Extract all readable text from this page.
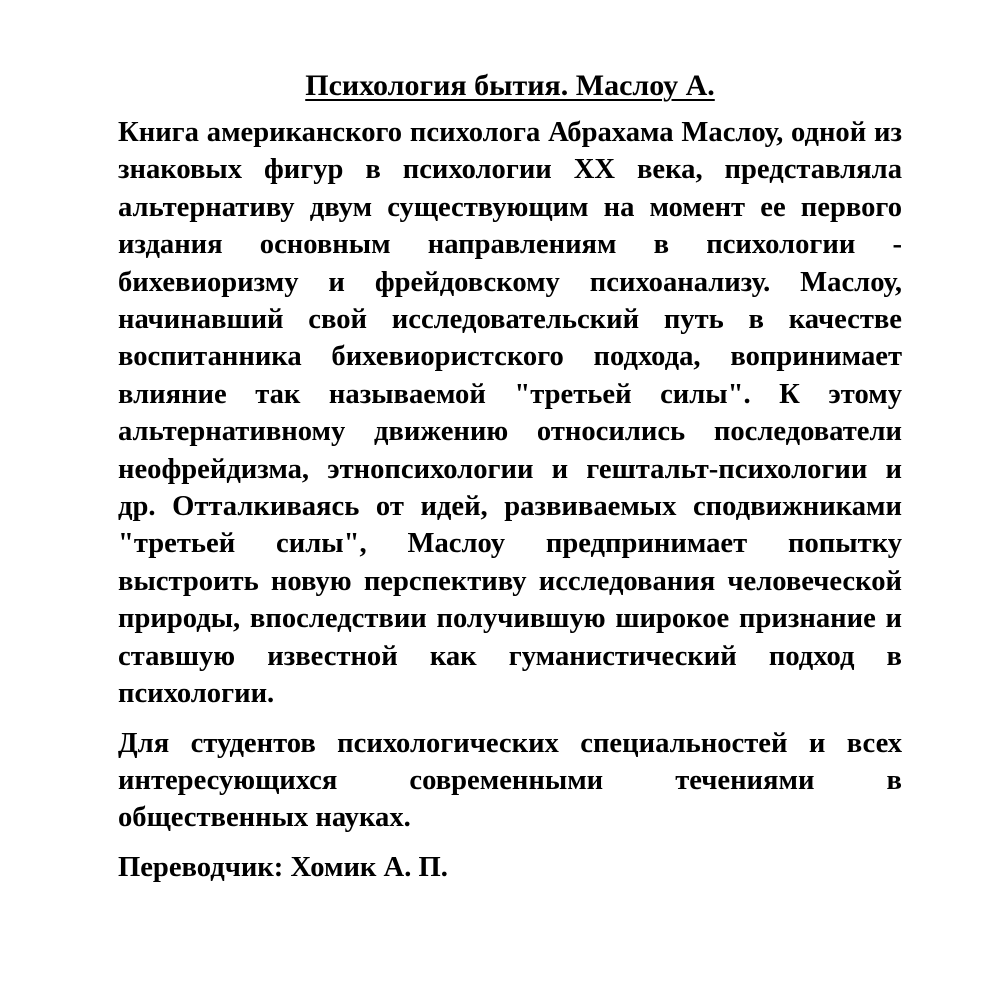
Психология бытия. Маслоу А.

Книга американского психолога Абрахама Маслоу, одной из знаковых фигур в психологии XX века, представляла альтернативу двум существующим на момент ее первого издания основным направлениям в психологии - бихевиоризму и фрейдовскому психоанализу. Маслоу, начинавший свой исследовательский путь в качестве воспитанника бихевиористского подхода, вопринимает влияние так называемой "третьей силы". К этому альтернативному движению относились последователи неофрейдизма, этнопсихологии и гештальт-психологии и др. Отталкиваясь от идей, развиваемых сподвижниками "третьей силы", Маслоу предпринимает попытку выстроить новую перспективу исследования человеческой природы, впоследствии получившую широкое признание и ставшую известной как гуманистический подход в психологии.

Для студентов психологических специальностей и всех интересующихся современными течениями в общественных науках.

Переводчик: Хомик А. П.
